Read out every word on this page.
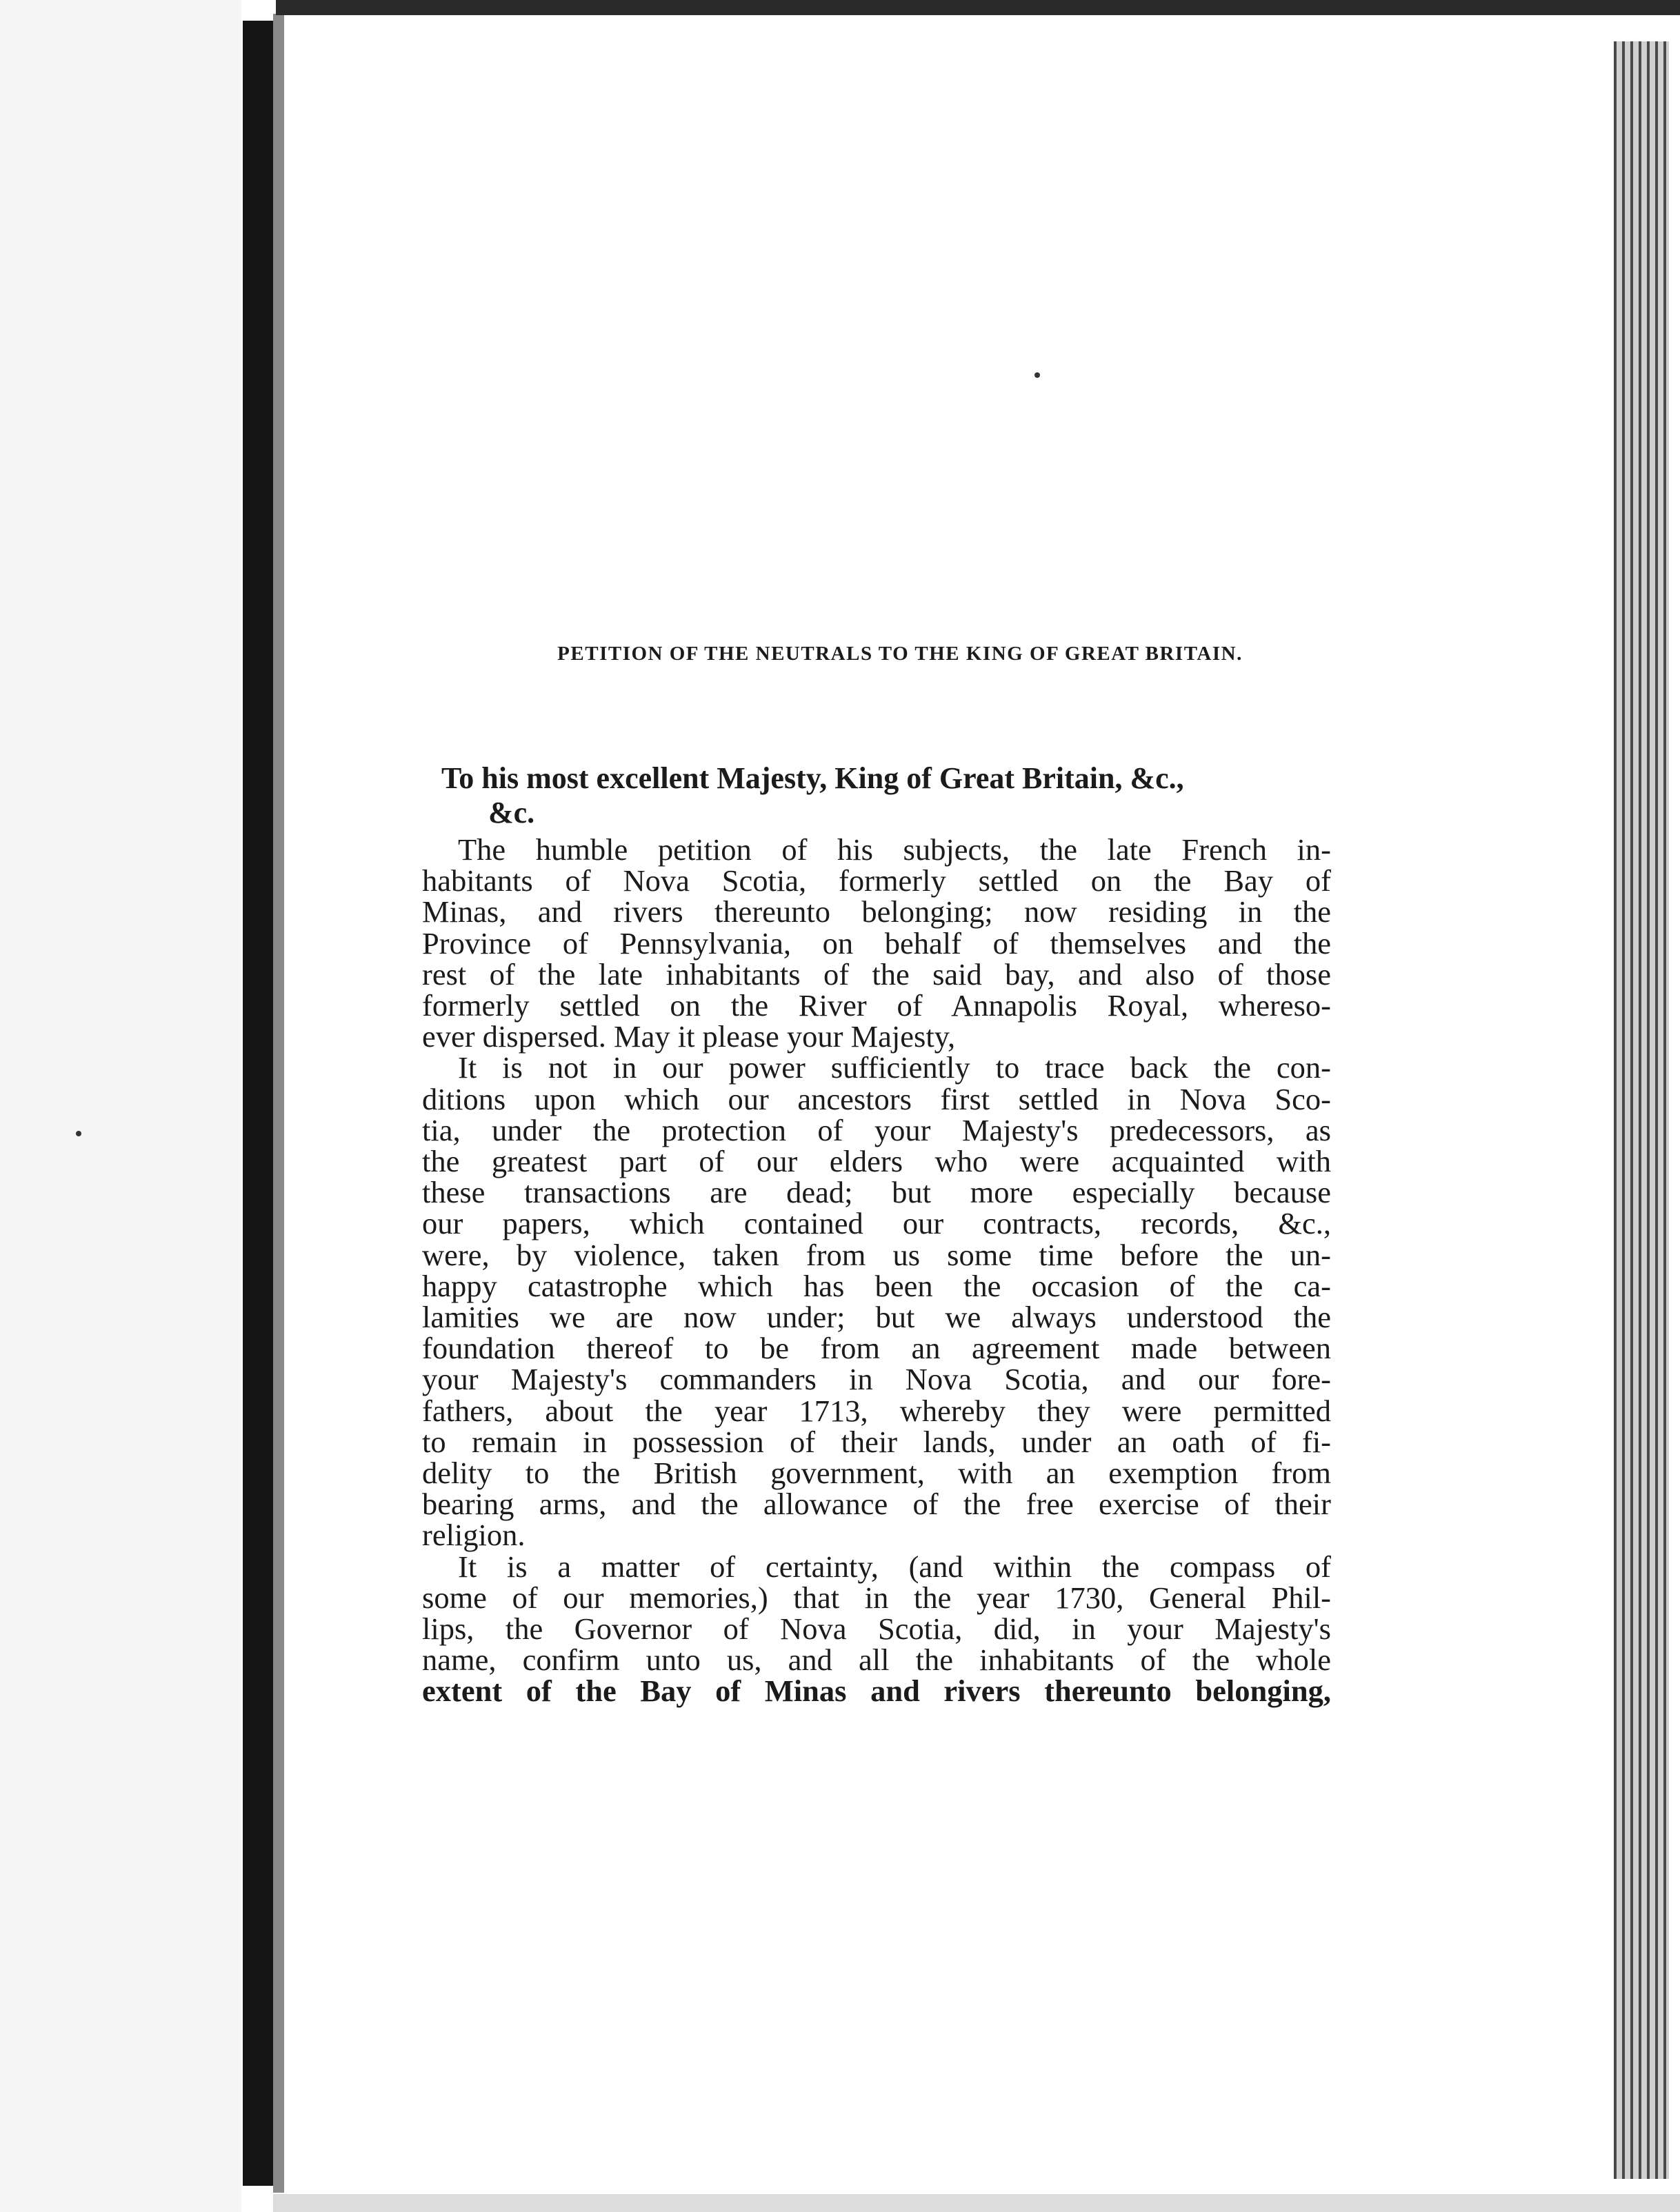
PETITION OF THE NEUTRALS TO THE KING OF GREAT BRITAIN.
To his most excellent Majesty, King of Great Britain, &c.,
&c.
The humble petition of his subjects, the late French in-
habitants of Nova Scotia, formerly settled on the Bay of
Minas, and rivers thereunto belonging; now residing in the
Province of Pennsylvania, on behalf of themselves and the
rest of the late inhabitants of the said bay, and also of those
formerly settled on the River of Annapolis Royal, whereso-
ever dispersed. May it please your Majesty,
It is not in our power sufficiently to trace back the con-
ditions upon which our ancestors first settled in Nova Sco-
tia, under the protection of your Majesty's predecessors, as
the greatest part of our elders who were acquainted with
these transactions are dead; but more especially because
our papers, which contained our contracts, records, &c.,
were, by violence, taken from us some time before the un-
happy catastrophe which has been the occasion of the ca-
lamities we are now under; but we always understood the
foundation thereof to be from an agreement made between
your Majesty's commanders in Nova Scotia, and our fore-
fathers, about the year 1713, whereby they were permitted
to remain in possession of their lands, under an oath of fi-
delity to the British government, with an exemption from
bearing arms, and the allowance of the free exercise of their
religion.
It is a matter of certainty, (and within the compass of
some of our memories,) that in the year 1730, General Phil-
lips, the Governor of Nova Scotia, did, in your Majesty's
name, confirm unto us, and all the inhabitants of the whole
extent of the Bay of Minas and rivers thereunto belonging,
